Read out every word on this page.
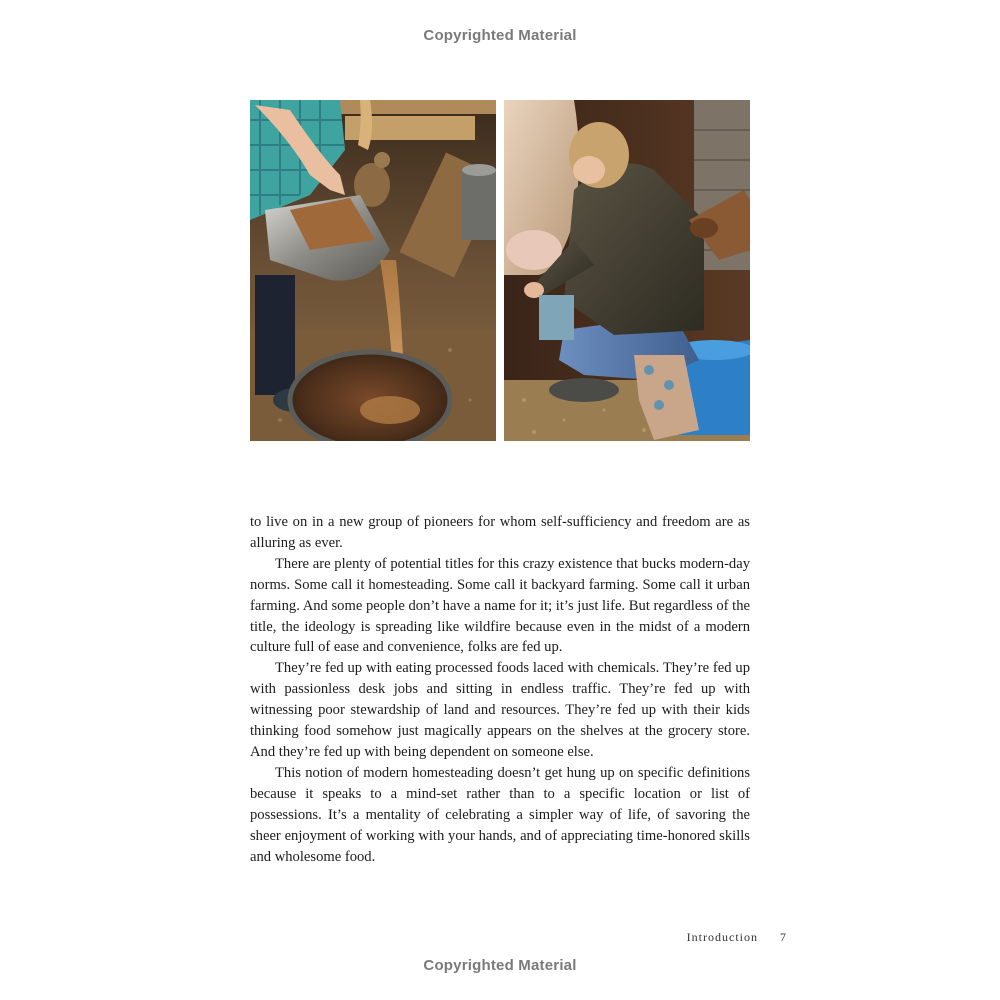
Copyrighted Material

to live on in a new group of pioneers for whom self-sufficiency and freedom are as alluring as ever.

There are plenty of potential titles for this crazy existence that bucks modern-day norms. Some call it homesteading. Some call it backyard farming. Some call it urban farming. And some people don’t have a name for it; it’s just life. But regardless of the title, the ideology is spreading like wildfire because even in the midst of a modern culture full of ease and convenience, folks are fed up.

They’re fed up with eating processed foods laced with chemicals. They’re fed up with passionless desk jobs and sitting in endless traffic. They’re fed up with witnessing poor stewardship of land and resources. They’re fed up with their kids thinking food somehow just magically appears on the shelves at the grocery store. And they’re fed up with being dependent on someone else.

This notion of modern homesteading doesn’t get hung up on specific definitions because it speaks to a mind-set rather than to a specific location or list of possessions. It’s a mentality of celebrating a simpler way of life, of savoring the sheer enjoyment of working with your hands, and of appreciating time-honored skills and wholesome food.

Introduction 7
Copyrighted Material
